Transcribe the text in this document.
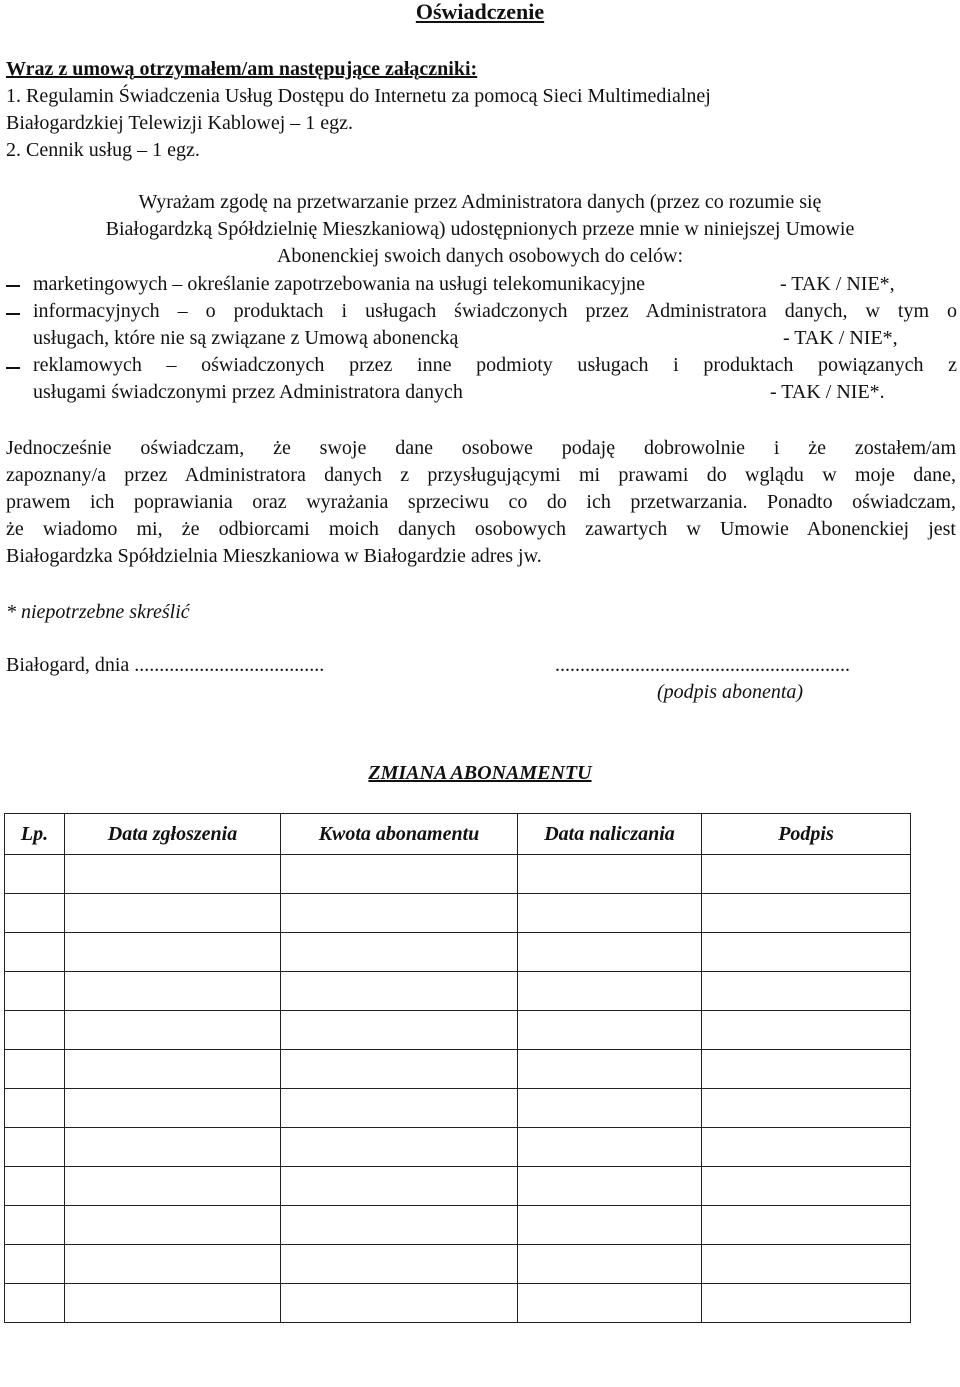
Oświadczenie
Wraz z umową otrzymałem/am następujące załączniki:
1. Regulamin Świadczenia Usług Dostępu do Internetu za pomocą Sieci Multimedialnej
Białogardzkiej Telewizji Kablowej – 1 egz.
2. Cennik usług – 1 egz.
Wyrażam zgodę na przetwarzanie przez Administratora danych (przez co rozumie się
Białogardzką Spółdzielnię Mieszkaniową) udostępnionych przeze mnie w niniejszej Umowie
Abonenckiej swoich danych osobowych do celów:
marketingowych – określanie zapotrzebowania na usługi telekomunikacyjne	- TAK / NIE*,
informacyjnych – o produktach i usługach świadczonych przez Administratora danych, w tym o
usługach, które nie są związane z Umową abonencką	- TAK / NIE*,
reklamowych – oświadczonych przez inne podmioty usługach i produktach powiązanych z
usługami świadczonymi przez Administratora danych	- TAK / NIE*.
Jednocześnie oświadczam, że swoje dane osobowe podaję dobrowolnie i że zostałem/am
zapoznany/a przez Administratora danych z przysługującymi mi prawami do wglądu w moje dane,
prawem ich poprawiania oraz wyrażania sprzeciwu co do ich przetwarzania. Ponadto oświadczam,
że wiadomo mi, że odbiorcami moich danych osobowych zawartych w Umowie Abonenckiej jest
Białogardzka Spółdzielnia Mieszkaniowa w Białogardzie adres jw.
* niepotrzebne skreślić
Białogard, dnia ......................................	...........................................................
(podpis abonenta)
ZMIANA ABONAMENTU
Lp.	Data zgłoszenia	Kwota abonamentu	Data naliczania	Podpis
